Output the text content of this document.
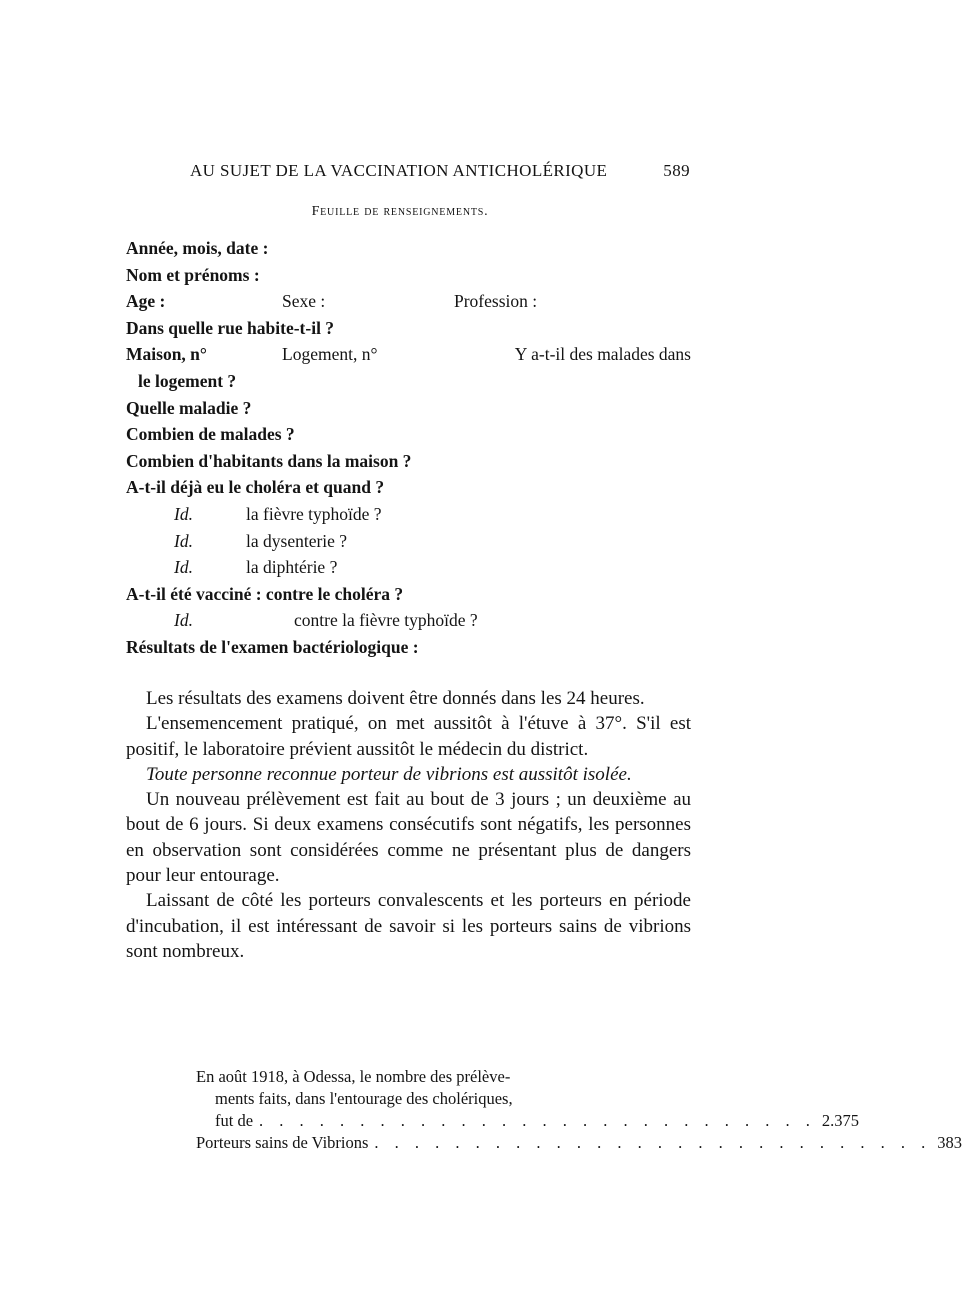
AU SUJET DE LA VACCINATION ANTICHOLÉRIQUE	589
Feuille de renseignements.
Année, mois, date :
Nom et prénoms :
Age :	Sexe :	Profession :
Dans quelle rue habite-t-il ?
Maison, n°	Logement, n°	Y a-t-il des malades dans
le logement ?
Quelle maladie ?
Combien de malades ?
Combien d'habitants dans la maison ?
A-t-il déjà eu le choléra et quand ?
Id.	la fièvre typhoïde ?
Id.	la dysenterie ?
Id.	la diphtérie ?
A-t-il été vacciné : contre le choléra ?
Id.	contre la fièvre typhoïde ?
Résultats de l'examen bactériologique :

Les résultats des examens doivent être donnés dans les 24 heures.

L'ensemencement pratiqué, on met aussitôt à l'étuve à 37°. S'il est positif, le laboratoire prévient aussitôt le médecin du district.

Toute personne reconnue porteur de vibrions est aussitôt isolée.

Un nouveau prélèvement est fait au bout de 3 jours ; un deuxième au bout de 6 jours. Si deux examens consécutifs sont négatifs, les personnes en observation sont considérées comme ne présentant plus de dangers pour leur entourage.

Laissant de côté les porteurs convalescents et les porteurs en période d'incubation, il est intéressant de savoir si les porteurs sains de vibrions sont nombreux.

En août 1918, à Odessa, le nombre des prélève-
ments faits, dans l'entourage des cholériques,
fut de . . . . . . . . . . . . . . . . . . . . . . . . . . . . 2.375
Porteurs sains de Vibrions . . . . . . . . . . . . . . . . . . . . . . . . . . . . 383
